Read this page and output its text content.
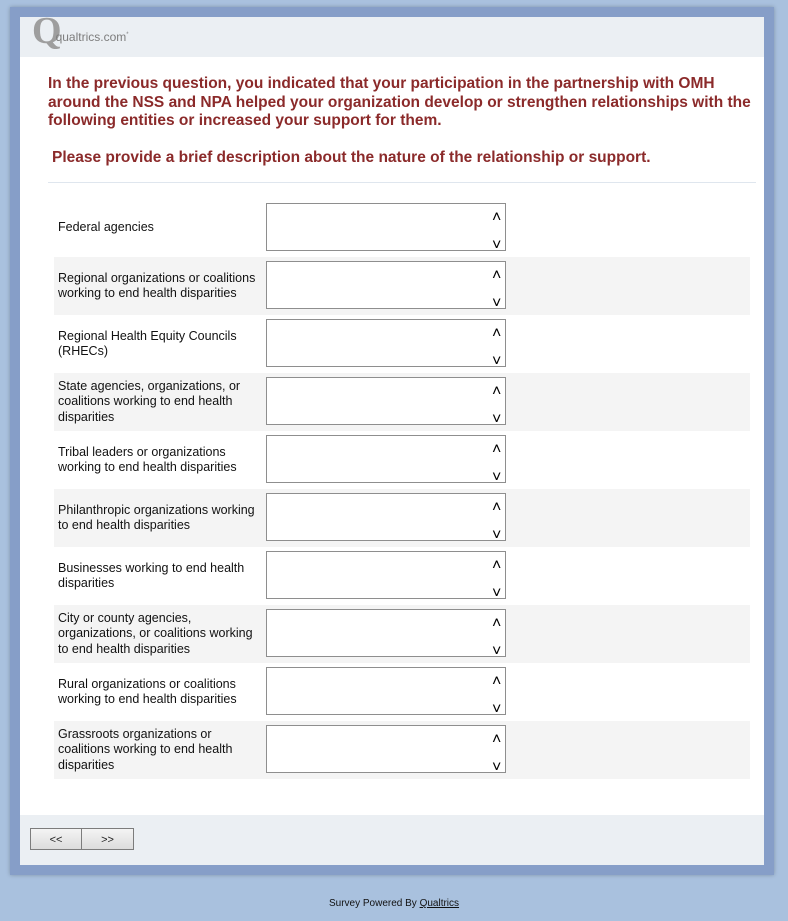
Q
qualtrics.com*

In the previous question, you indicated that your participation in the partnership with OMH around the NSS and NPA helped your organization develop or strengthen relationships with the following entities or increased your support for them.

Please provide a brief description about the nature of the relationship or support.

Federal agencies
˄
˅
Regional organizations or coalitions working to end health disparities
˄
˅
Regional Health Equity Councils (RHECs)
˄
˅
State agencies, organizations, or coalitions working to end health disparities
˄
˅
Tribal leaders or organizations working to end health disparities
˄
˅
Philanthropic organizations working to end health disparities
˄
˅
Businesses working to end health disparities
˄
˅
City or county agencies, organizations, or coalitions working to end health disparities
˄
˅
Rural organizations or coalitions working to end health disparities
˄
˅
Grassroots organizations or coalitions working to end health disparities
˄
˅
<<	>>
Survey Powered By Qualtrics
